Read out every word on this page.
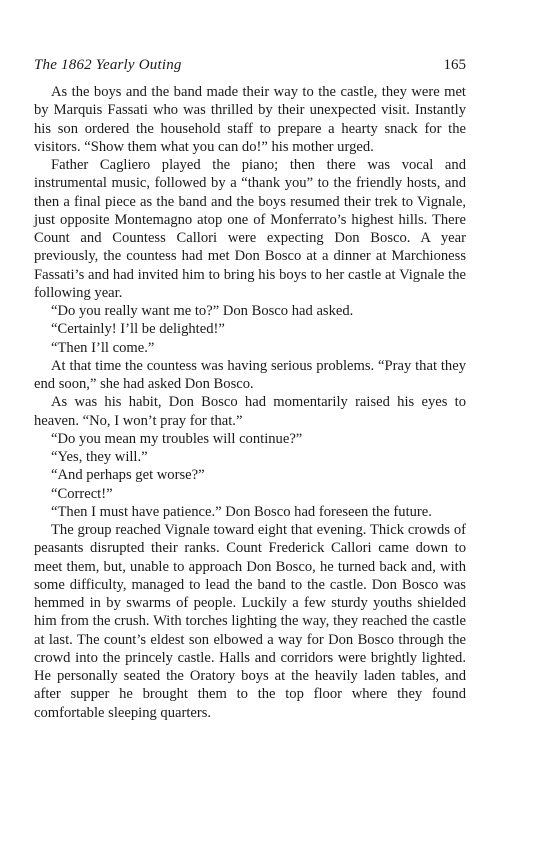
The 1862 Yearly Outing	165

As the boys and the band made their way to the castle, they were met by Marquis Fassati who was thrilled by their unexpected visit. Instantly his son ordered the household staff to prepare a hearty snack for the visitors. “Show them what you can do!” his mother urged.

Father Cagliero played the piano; then there was vocal and instrumental music, followed by a “thank you” to the friendly hosts, and then a final piece as the band and the boys resumed their trek to Vignale, just opposite Montemagno atop one of Monferrato’s highest hills. There Count and Countess Callori were expecting Don Bosco. A year previously, the countess had met Don Bosco at a dinner at Marchioness Fassati’s and had invited him to bring his boys to her castle at Vignale the following year.

“Do you really want me to?” Don Bosco had asked.

“Certainly! I’ll be delighted!”

“Then I’ll come.”

At that time the countess was having serious problems. “Pray that they end soon,” she had asked Don Bosco.

As was his habit, Don Bosco had momentarily raised his eyes to heaven. “No, I won’t pray for that.”

“Do you mean my troubles will continue?”

“Yes, they will.”

“And perhaps get worse?”

“Correct!”

“Then I must have patience.” Don Bosco had foreseen the future.

The group reached Vignale toward eight that evening. Thick crowds of peasants disrupted their ranks. Count Frederick Callori came down to meet them, but, unable to approach Don Bosco, he turned back and, with some difficulty, managed to lead the band to the castle. Don Bosco was hemmed in by swarms of people. Luckily a few sturdy youths shielded him from the crush. With torches lighting the way, they reached the castle at last. The count’s eldest son elbowed a way for Don Bosco through the crowd into the princely castle. Halls and corridors were brightly lighted. He personally seated the Oratory boys at the heavily laden tables, and after supper he brought them to the top floor where they found comfortable sleeping quarters.
